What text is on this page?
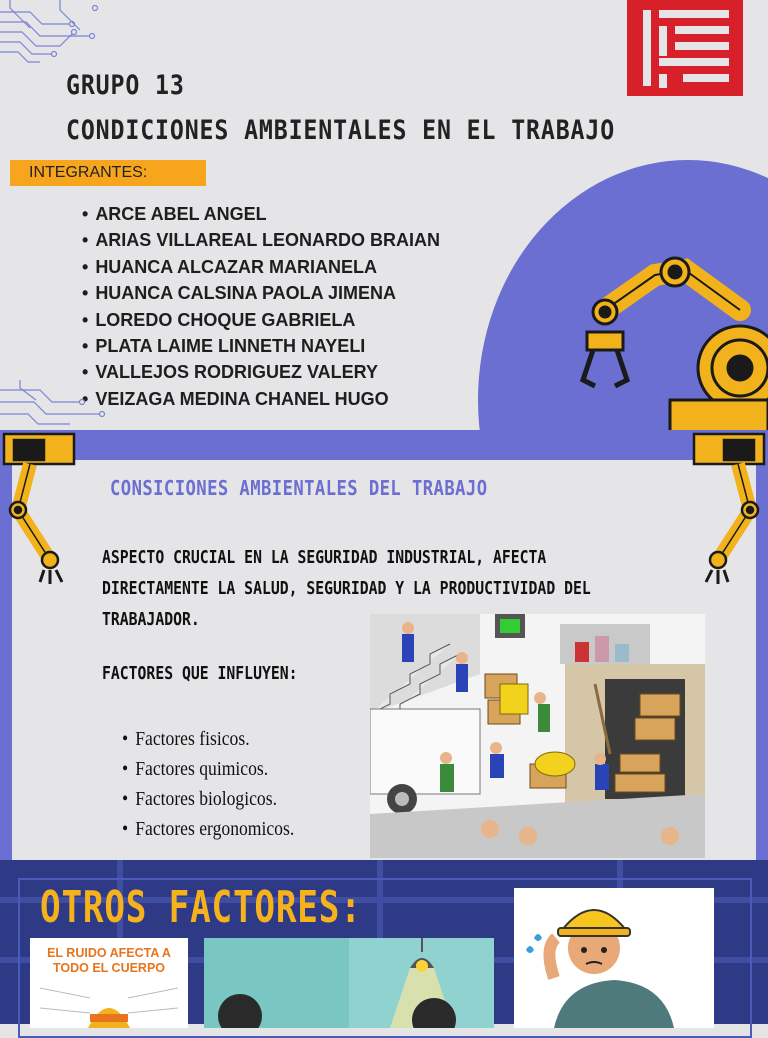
GRUPO 13
CONDICIONES AMBIENTALES EN EL TRABAJO
INTEGRANTES:
• ARCE ABEL ANGEL
• ARIAS VILLAREAL LEONARDO BRAIAN
• HUANCA ALCAZAR MARIANELA
• HUANCA CALSINA PAOLA JIMENA
• LOREDO CHOQUE GABRIELA
• PLATA LAIME LINNETH NAYELI
• VALLEJOS RODRIGUEZ VALERY
• VEIZAGA MEDINA CHANEL HUGO
CONSICIONES AMBIENTALES DEL TRABAJO
ASPECTO CRUCIAL EN LA SEGURIDAD INDUSTRIAL, AFECTA DIRECTAMENTE LA SALUD, SEGURIDAD Y LA PRODUCTIVIDAD DEL TRABAJADOR.
FACTORES QUE INFLUYEN:
• Factores fisicos.
• Factores quimicos.
• Factores biologicos.
• Factores ergonomicos.
OTROS FACTORES:
EL RUIDO AFECTA A TODO EL CUERPO
